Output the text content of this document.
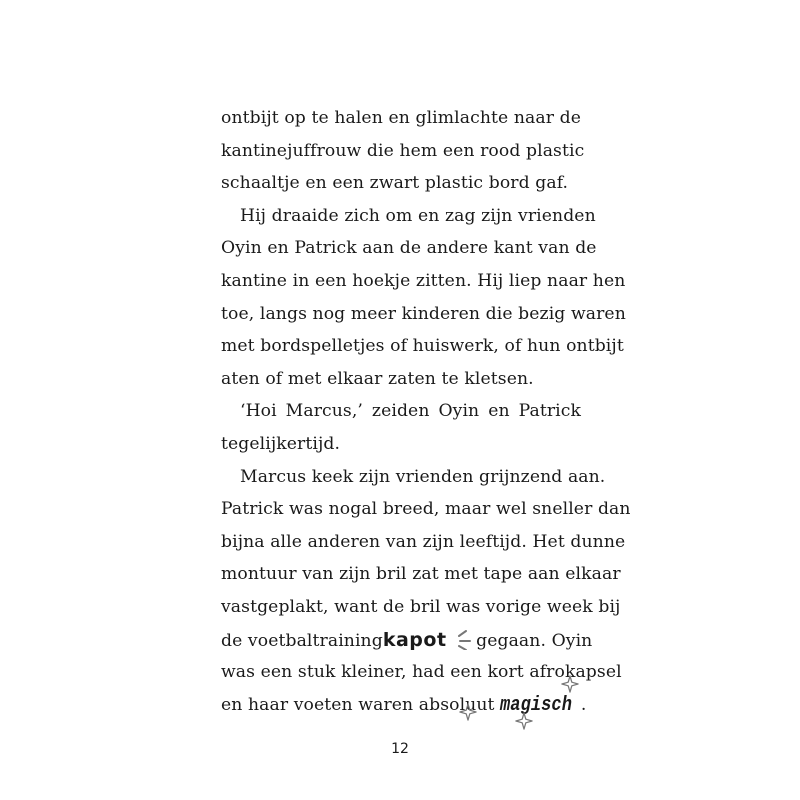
ontbijt op te halen en glimlachte naar de
kantinejuffrouw die hem een rood plastic
schaaltje en een zwart plastic bord gaf.
Hij draaide zich om en zag zijn vrienden
Oyin en Patrick aan de andere kant van de
kantine in een hoekje zitten. Hij liep naar hen
toe, langs nog meer kinderen die bezig waren
met bordspelletjes of huiswerk, of hun ontbijt
aten of met elkaar zaten te kletsen.
‘Hoi Marcus,’ zeiden Oyin en Patrick
tegelijkertijd.
Marcus keek zijn vrienden grijnzend aan.
Patrick was nogal breed, maar wel sneller dan
bijna alle anderen van zijn leeftijd. Het dunne
montuur van zijn bril zat met tape aan elkaar
vastgeplakt, want de bril was vorige week bij
de voetbaltraining kapot	gegaan. Oyin
was een stuk kleiner, had een kort afrokapsel
en haar voeten waren absoluut magisch .
12
